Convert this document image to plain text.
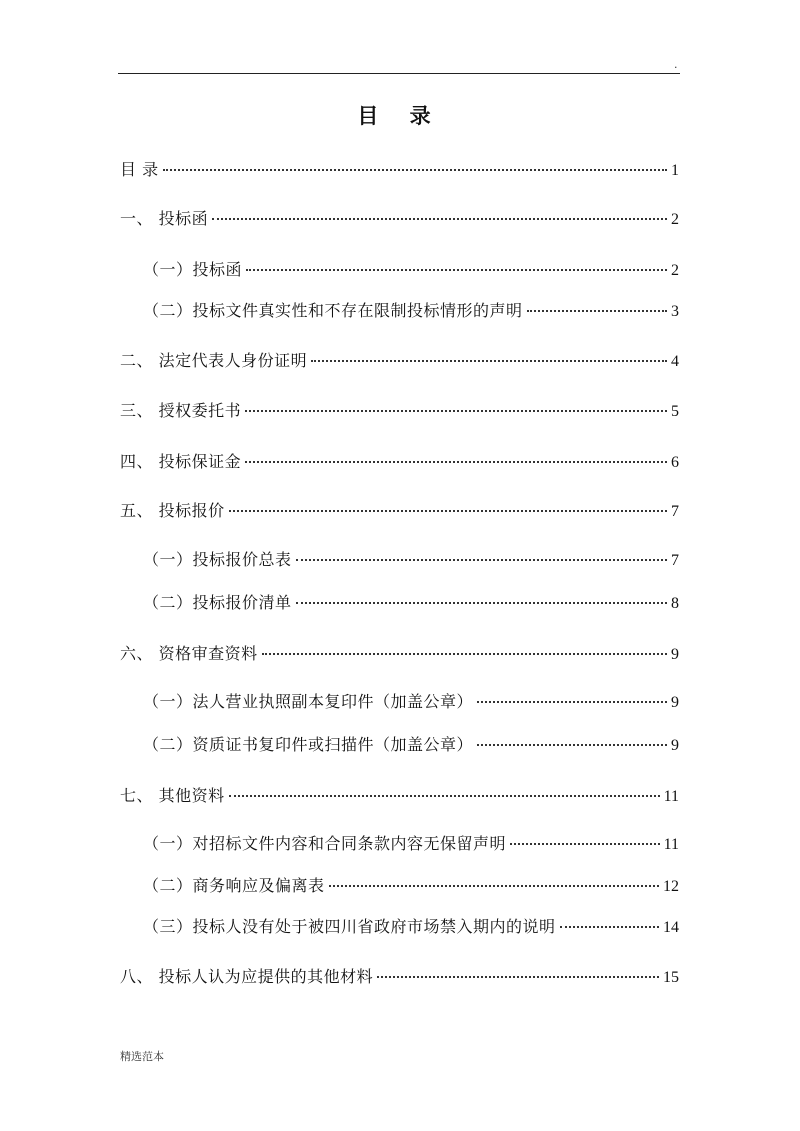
.
目 录
目 录	1
一、 投标函	2
（一）投标函	2
（二）投标文件真实性和不存在限制投标情形的声明	3
二、 法定代表人身份证明	4
三、 授权委托书	5
四、 投标保证金	6
五、 投标报价	7
（一）投标报价总表	7
（二）投标报价清单	8
六、 资格审查资料	9
（一）法人营业执照副本复印件（加盖公章）	9
（二）资质证书复印件或扫描件（加盖公章）	9
七、 其他资料	11
（一）对招标文件内容和合同条款内容无保留声明	11
（二）商务响应及偏离表	12
（三）投标人没有处于被四川省政府市场禁入期内的说明	14
八、 投标人认为应提供的其他材料	15
精选范本
